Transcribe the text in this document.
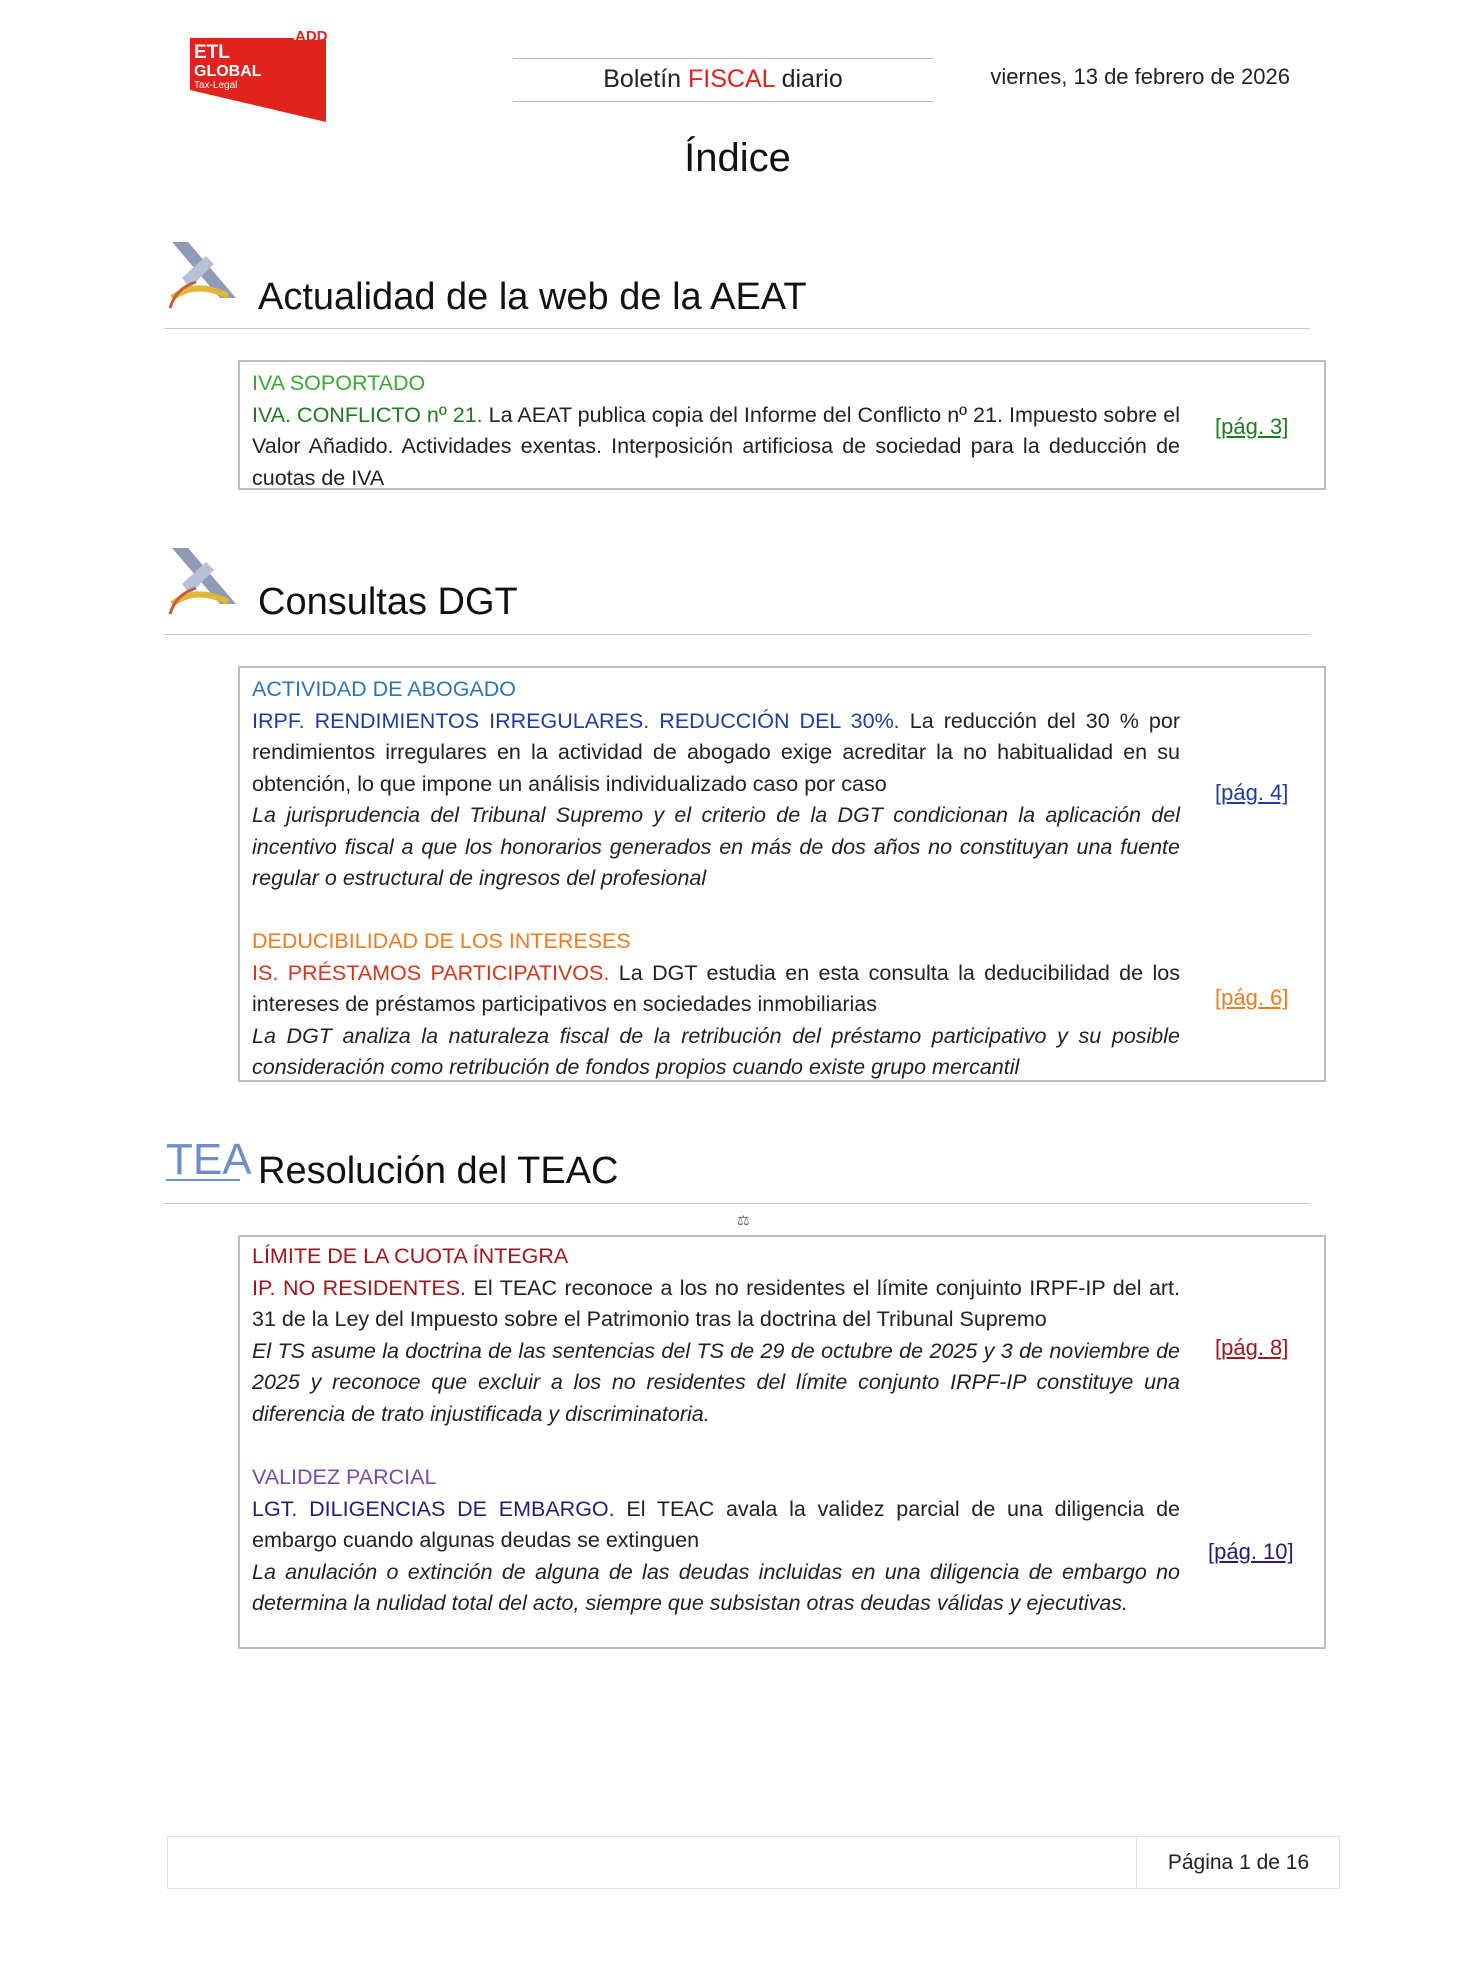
ADD
ETL
GLOBAL
Tax-Legal	Boletín FISCAL diario	viernes, 13 de febrero de 2026
Índice
Actualidad de la web de la AEAT
IVA SOPORTADO
IVA. CONFLICTO nº 21. La AEAT publica copia del Informe del Conflicto nº 21. Impuesto sobre el Valor Añadido. Actividades exentas. Interposición artificiosa de sociedad para la deducción de cuotas de IVA
[pág. 3]
Consultas DGT
ACTIVIDAD DE ABOGADO
IRPF. RENDIMIENTOS IRREGULARES. REDUCCIÓN DEL 30%. La reducción del 30 % por rendimientos irregulares en la actividad de abogado exige acreditar la no habitualidad en su obtención, lo que impone un análisis individualizado caso por caso
La jurisprudencia del Tribunal Supremo y el criterio de la DGT condicionan la aplicación del incentivo fiscal a que los honorarios generados en más de dos años no constituyan una fuente regular o estructural de ingresos del profesional
[pág. 4]
DEDUCIBILIDAD DE LOS INTERESES
IS. PRÉSTAMOS PARTICIPATIVOS. La DGT estudia en esta consulta la deducibilidad de los intereses de préstamos participativos en sociedades inmobiliarias
La DGT analiza la naturaleza fiscal de la retribución del préstamo participativo y su posible consideración como retribución de fondos propios cuando existe grupo mercantil
[pág. 6]
TEA Resolución del TEAC
⚖
LÍMITE DE LA CUOTA ÍNTEGRA
IP. NO RESIDENTES. El TEAC reconoce a los no residentes el límite conjuinto IRPF-IP del art. 31 de la Ley del Impuesto sobre el Patrimonio tras la doctrina del Tribunal Supremo
El TS asume la doctrina de las sentencias del TS de 29 de octubre de 2025 y 3 de noviembre de 2025 y reconoce que excluir a los no residentes del límite conjunto IRPF-IP constituye una diferencia de trato injustificada y discriminatoria.
[pág. 8]
VALIDEZ PARCIAL
LGT. DILIGENCIAS DE EMBARGO. El TEAC avala la validez parcial de una diligencia de embargo cuando algunas deudas se extinguen
La anulación o extinción de alguna de las deudas incluidas en una diligencia de embargo no determina la nulidad total del acto, siempre que subsistan otras deudas válidas y ejecutivas.
[pág. 10]
Página 1 de 16
